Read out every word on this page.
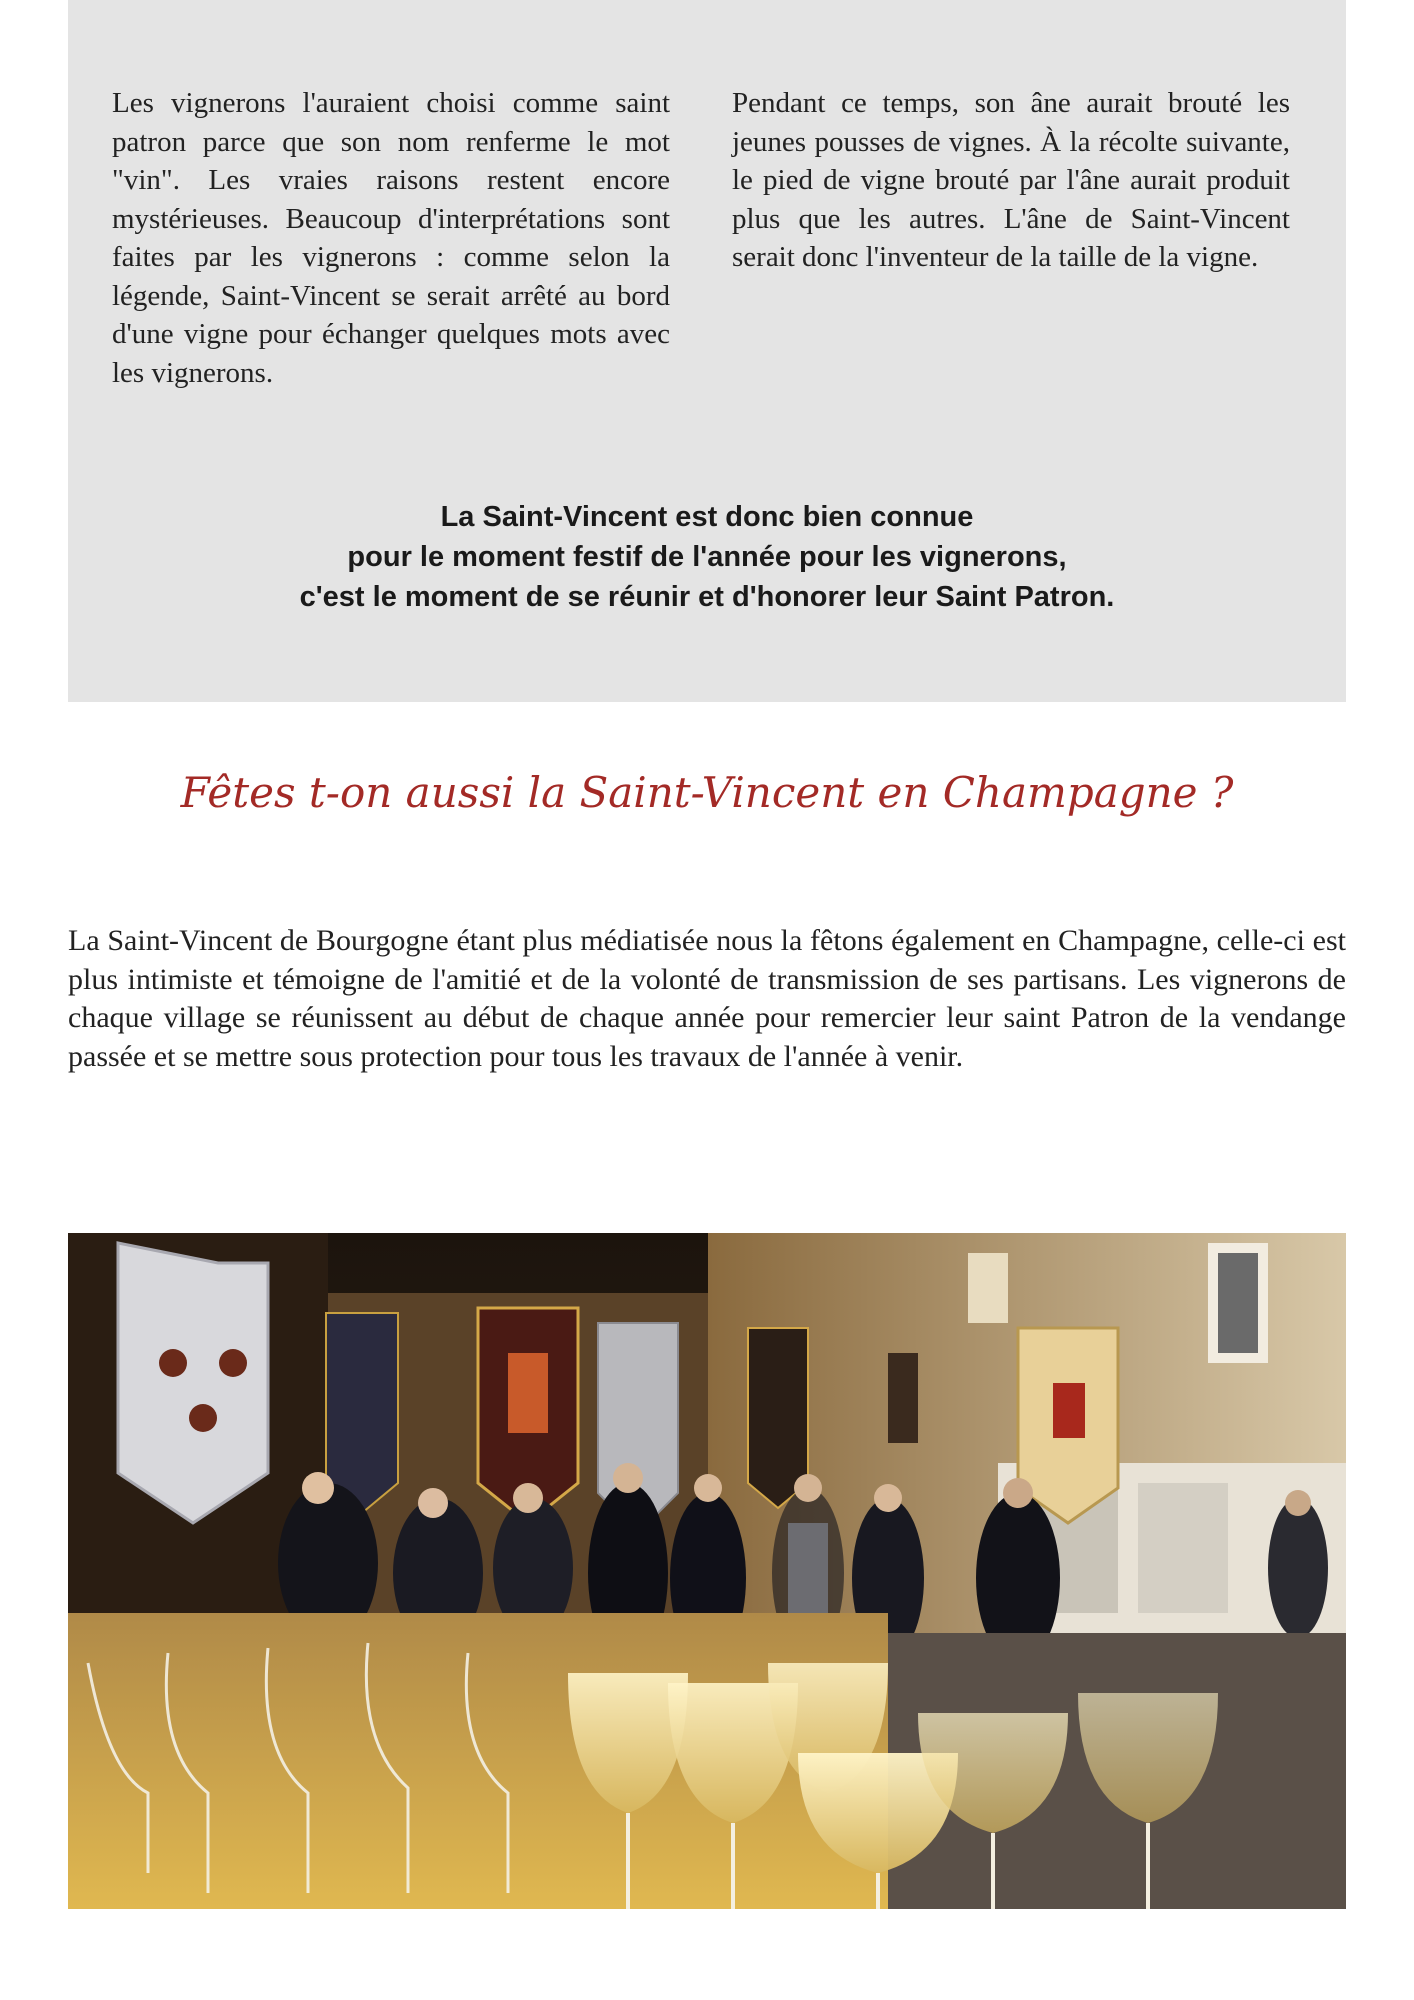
Les vignerons l'auraient choisi comme saint patron parce que son nom renferme le mot "vin". Les vraies raisons restent encore mystérieuses. Beaucoup d'interprétations sont faites par les vignerons : comme selon la légende, Saint-Vincent se serait arrêté au bord d'une vigne pour échanger quelques mots avec les vignerons.
Pendant ce temps, son âne aurait brouté les jeunes pousses de vignes. À la récolte suivante, le pied de vigne brouté par l'âne aurait produit plus que les autres. L'âne de Saint-Vincent serait donc l'inventeur de la taille de la vigne.
La Saint-Vincent est donc bien connue
pour le moment festif de l'année pour les vignerons,
c'est le moment de se réunir et d'honorer leur Saint Patron.
Fêtes t-on aussi la Saint-Vincent en Champagne ?
La Saint-Vincent de Bourgogne étant plus médiatisée nous la fêtons également en Champagne, celle-ci est plus intimiste et témoigne de l'amitié et de la volonté de transmission de ses partisans. Les vignerons de chaque village se réunissent au début de chaque année pour remercier leur saint Patron de la vendange passée et se mettre sous protection pour tous les travaux de l'année à venir.
